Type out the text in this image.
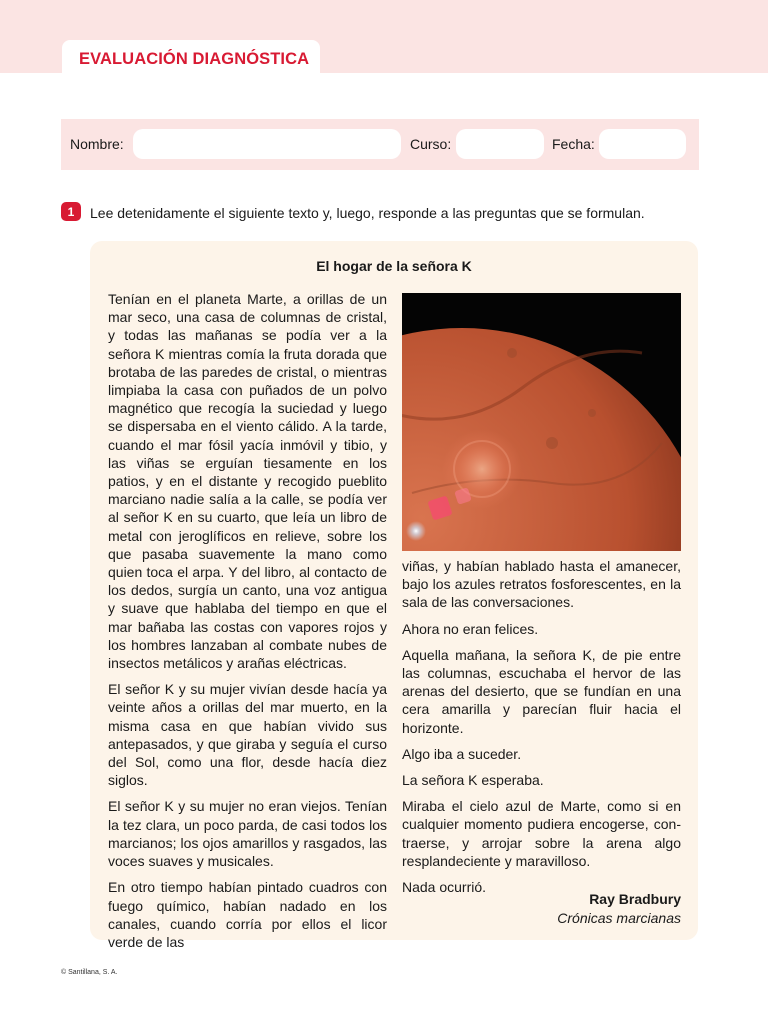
EVALUACIÓN DIAGNÓSTICA
Nombre:	Curso:	Fecha:
1	Lee detenidamente el siguiente texto y, luego, responde a las preguntas que se formulan.
El hogar de la señora K

Tenían en el planeta Marte, a orillas de un mar seco, una casa de columnas de cristal, y todas las mañanas se podía ver a la señora K mientras comía la fruta dorada que brotaba de las paredes de cristal, o mientras limpiaba la casa con puñados de un polvo magnético que recogía la suciedad y luego se dispersaba en el viento cálido. A la tarde, cuando el mar fósil yacía inmóvil y tibio, y las viñas se erguían tiesamente en los patios, y en el distante y recogido pueblito marciano nadie salía a la calle, se podía ver al señor K en su cuarto, que leía un libro de metal con jeroglíficos en relieve, sobre los que pasaba suavemente la mano como quien toca el arpa. Y del libro, al contacto de los dedos, surgía un canto, una voz antigua y suave que hablaba del tiempo en que el mar bañaba las costas con vapores rojos y los hombres lanzaban al combate nubes de insectos metálicos y arañas eléctricas.

El señor K y su mujer vivían desde hacía ya veinte años a orillas del mar muerto, en la misma casa en que habían vivido sus antepasados, y que giraba y seguía el curso del Sol, como una flor, desde hacía diez siglos.

El señor K y su mujer no eran viejos. Tenían la tez clara, un poco parda, de casi todos los marcianos; los ojos amarillos y rasgados, las voces suaves y musicales.

En otro tiempo habían pintado cuadros con fuego químico, habían nadado en los canales, cuando corría por ellos el licor verde de las

viñas, y habían hablado hasta el amanecer, bajo los azules retratos fosforescentes, en la sala de las conversaciones.

Ahora no eran felices.

Aquella mañana, la señora K, de pie entre las columnas, escuchaba el hervor de las arenas del desierto, que se fundían en una cera amarilla y parecían fluir hacia el horizonte.

Algo iba a suceder.

La señora K esperaba.

Miraba el cielo azul de Marte, como si en cualquier momento pudiera encogerse, contraerse, y arrojar sobre la arena algo resplandeciente y maravilloso.

Nada ocurrió.

Ray Bradbury
Crónicas marcianas
© Santillana, S. A.
